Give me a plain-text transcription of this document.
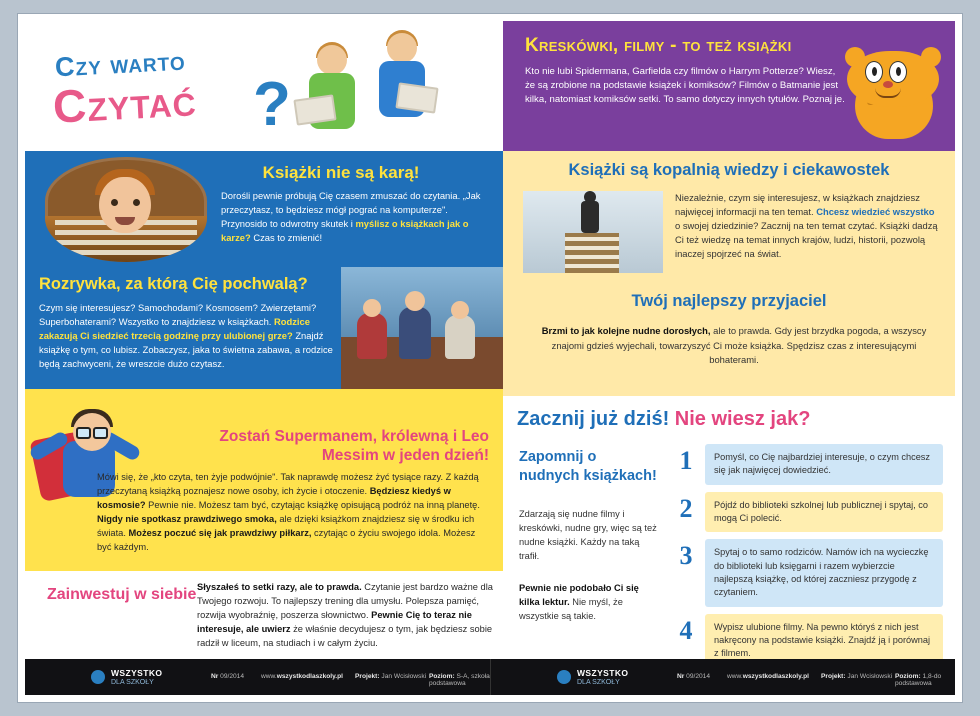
Czy warto
Czytać ?
Kreskówki, filmy - to też książki

Kto nie lubi Spidermana, Garfielda czy filmów o Harrym Potterze? Wiesz, że są zrobione na podstawie książek i komiksów? Filmów o Batmanie jest kilka, natomiast komiksów setki. To samo dotyczy innych tytułów. Poznaj je.

Książki nie są karą!

Dorośli pewnie próbują Cię czasem zmuszać do czytania. „Jak przeczytasz, to będziesz mógł pograć na komputerze". Przynosido to odwrotny skutek i myślisz o książkach jak o karze? Czas to zmienić!

Rozrywka, za którą Cię pochwalą?

Czym się interesujesz? Samochodami? Kosmosem? Zwierzętami? Superbohaterami? Wszystko to znajdziesz w książkach. Rodzice zakazują Ci siedzieć trzecią godzinę przy ulubionej grze? Znajdź książkę o tym, co lubisz. Zobaczysz, jaka to świetna zabawa, a rodzice będą zachwyceni, że wreszcie dużo czytasz.

Zostań Supermanem, królewną i Leo Messim w jeden dzień!

Mówi się, że „kto czyta, ten żyje podwójnie". Tak naprawdę możesz żyć tysiące razy. Z każdą przeczytaną książką poznajesz nowe osoby, ich życie i otoczenie. Będziesz kiedyś w kosmosie? Pewnie nie. Możesz tam być, czytając książkę opisującą podróż na inną planetę. Nigdy nie spotkasz prawdziwego smoka, ale dzięki książkom znajdziesz się w środku ich świata. Możesz poczuć się jak prawdziwy piłkarz, czytając o życiu swojego idola. Możesz być każdym.

Zainwestuj w siebie Słyszałeś to setki razy, ale to prawda. Czytanie jest bardzo ważne dla Twojego rozwoju. To najlepszy trening dla umysłu. Polepsza pamięć, rozwija wyobraźnię, poszerza słownictwo. Pewnie Cię to teraz nie interesuje, ale uwierz że właśnie decydujesz o tym, jak będziesz sobie radził w liceum, na studiach i w całym życiu.

Książki są kopalnią wiedzy i ciekawostek

Niezależnie, czym się interesujesz, w książkach znajdziesz najwięcej informacji na ten temat. Chcesz wiedzieć wszystko o swojej dziedzinie? Zacznij na ten temat czytać. Książki dadzą Ci też wiedzę na temat innych krajów, ludzi, historii, pozwolą inaczej spojrzeć na świat.

Twój najlepszy przyjaciel

Brzmi to jak kolejne nudne dorosłych, ale to prawda. Gdy jest brzydka pogoda, a wszyscy znajomi gdzieś wyjechali, towarzyszyć Ci może książka. Spędzisz czas z interesującymi bohaterami.

Zacznij już dziś! Nie wiesz jak?
Zapomnij o nudnych książkach!

Zdarzają się nudne filmy i kreskówki, nudne gry, więc są też nudne książki. Każdy na taką trafił.

Pewnie nie podobało Ci się kilka lektur. Nie myśl, że wszystkie są takie.

1	Pomyśl, co Cię najbardziej interesuje, o czym chcesz się jak najwięcej dowiedzieć.
2	Pójdź do biblioteki szkolnej lub publicznej i spytaj, co mogą Ci polecić.
3	Spytaj o to samo rodziców. Namów ich na wycieczkę do biblioteki lub księgarni i razem wybierzcie najlepszą książkę, od której zaczniesz przygodę z czytaniem.
4	Wypisz ulubione filmy. Na pewno któryś z nich jest nakręcony na podstawie książki. Znajdź ją i porównaj z filmem.
WSZYSTKO
DLA SZKOŁY
Nr 09/2014	www.wszystkodlaszkoly.pl Projekt: Jan Wcisłowski Poziom: S-A, szkoła podstawowa
WSZYSTKO
DLA SZKOŁY
Nr 09/2014	www.wszystkodlaszkoly.pl Projekt: Jan Wcisłowski Poziom: 1,8-do podstawowa
